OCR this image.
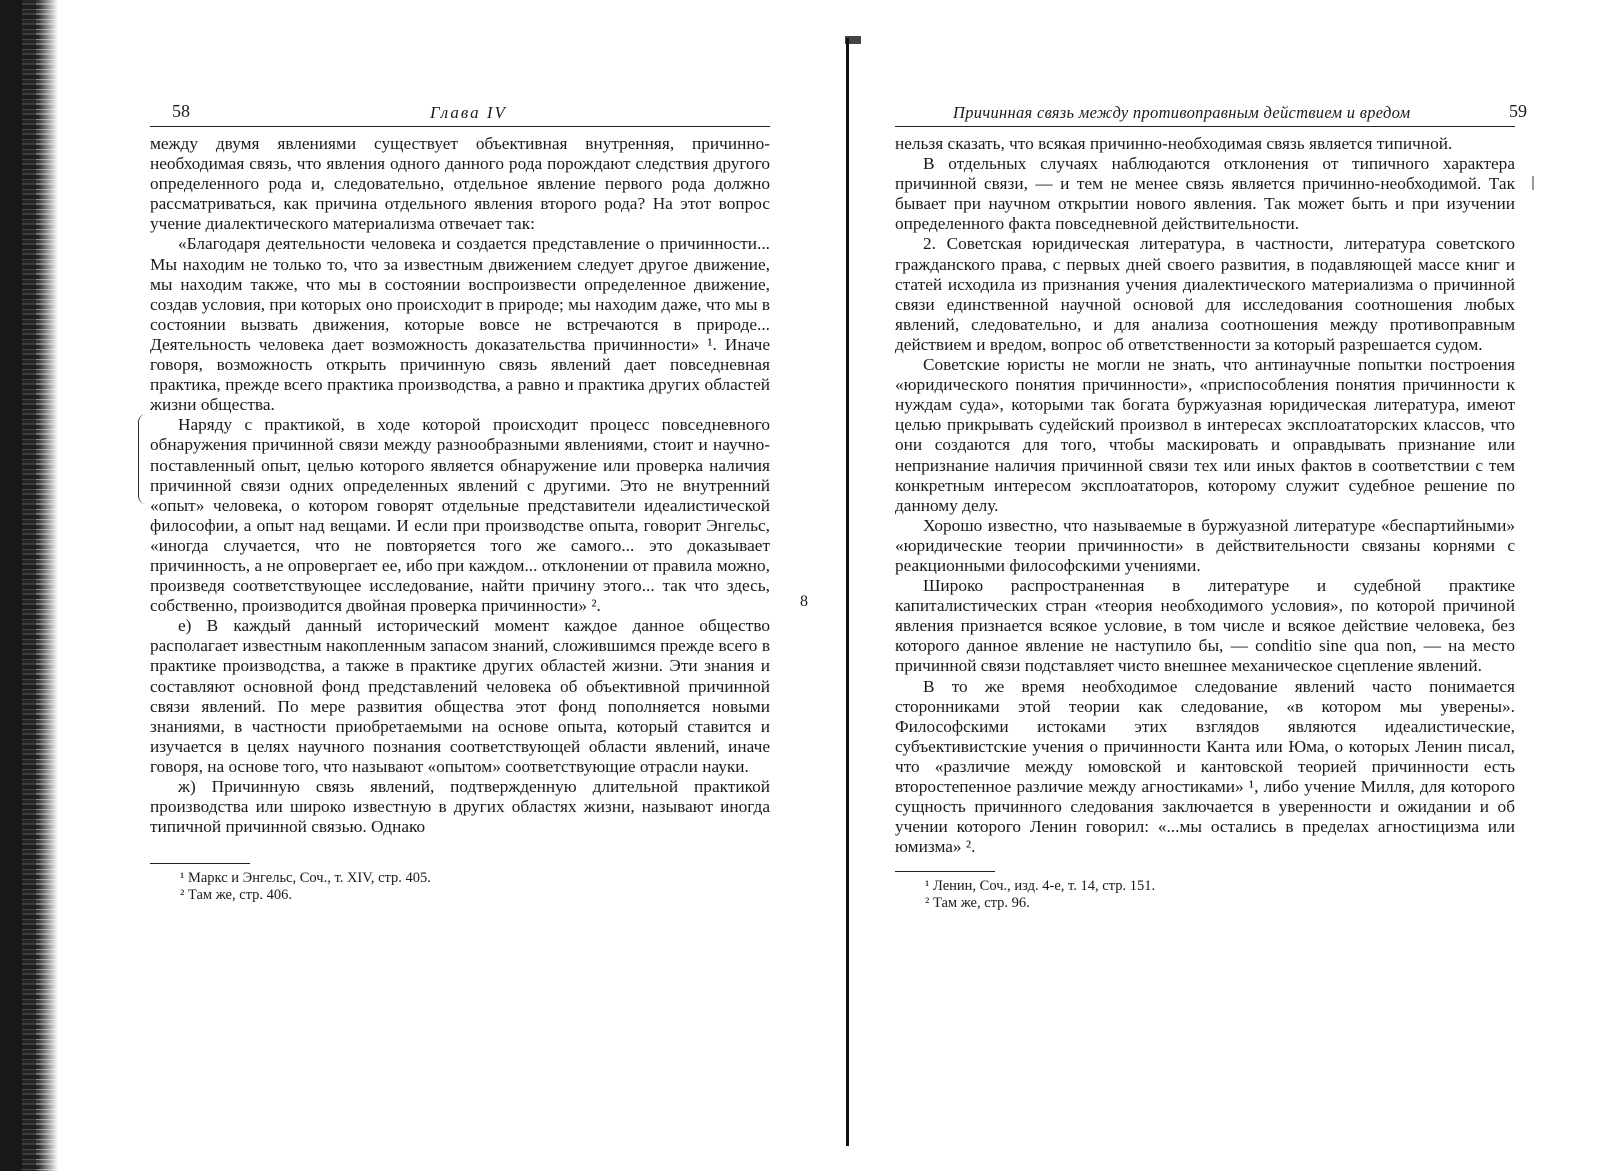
8
58	Глава IV

между двумя явлениями существует объективная внутренняя, причинно-необходимая связь, что явления одного данного рода порождают следствия другого определенного рода и, следовательно, отдельное явление первого рода должно рассматриваться, как причина отдельного явления второго рода? На этот вопрос учение диалектического материализма отвечает так:

«Благодаря деятельности человека и создается представление о причинности... Мы находим не только то, что за известным движением следует другое движение, мы находим также, что мы в состоянии воспроизвести определенное движение, создав условия, при которых оно происходит в природе; мы находим даже, что мы в состоянии вызвать движения, которые вовсе не встречаются в природе... Деятельность человека дает возможность доказательства причинности» ¹. Иначе говоря, возможность открыть причинную связь явлений дает повседневная практика, прежде всего практика производства, а равно и практика других областей жизни общества.

Наряду с практикой, в ходе которой происходит процесс повседневного обнаружения причинной связи между разнообразными явлениями, стоит и научно-поставленный опыт, целью которого является обнаружение или проверка наличия причинной связи одних определенных явлений с другими. Это не внутренний «опыт» человека, о котором говорят отдельные представители идеалистической философии, а опыт над вещами. И если при производстве опыта, говорит Энгельс, «иногда случается, что не повторяется того же самого... это доказывает причинность, а не опровергает ее, ибо при каждом... отклонении от правила можно, произведя соответствующее исследование, найти причину этого... так что здесь, собственно, производится двойная проверка причинности» ².

е) В каждый данный исторический момент каждое данное общество располагает известным накопленным запасом знаний, сложившимся прежде всего в практике производства, а также в практике других областей жизни. Эти знания и составляют основной фонд представлений человека об объективной причинной связи явлений. По мере развития общества этот фонд пополняется новыми знаниями, в частности приобретаемыми на основе опыта, который ставится и изучается в целях научного познания соответствующей области явлений, иначе говоря, на основе того, что называют «опытом» соответствующие отрасли науки.

ж) Причинную связь явлений, подтвержденную длительной практикой производства или широко известную в других областях жизни, называют иногда типичной причинной связью. Однако

¹ Маркс и Энгельс, Соч., т. XIV, стр. 405.
² Там же, стр. 406.
Причинная связь между противоправным действием и вредом	59

нельзя сказать, что всякая причинно-необходимая связь является типичной.

В отдельных случаях наблюдаются отклонения от типичного характера причинной связи, — и тем не менее связь является причинно-необходимой. Так бывает при научном открытии нового явления. Так может быть и при изучении определенного факта повседневной действительности.

2. Советская юридическая литература, в частности, литература советского гражданского права, с первых дней своего развития, в подавляющей массе книг и статей исходила из признания учения диалектического материализма о причинной связи единственной научной основой для исследования соотношения любых явлений, следовательно, и для анализа соотношения между противоправным действием и вредом, вопрос об ответственности за который разрешается судом.

Советские юристы не могли не знать, что антинаучные попытки построения «юридического понятия причинности», «приспособления понятия причинности к нуждам суда», которыми так богата буржуазная юридическая литература, имеют целью прикрывать судейский произвол в интересах эксплоататорских классов, что они создаются для того, чтобы маскировать и оправдывать признание или непризнание наличия причинной связи тех или иных фактов в соответствии с тем конкретным интересом эксплоататоров, которому служит судебное решение по данному делу.

Хорошо известно, что называемые в буржуазной литературе «беспартийными» «юридические теории причинности» в действительности связаны корнями с реакционными философскими учениями.

Широко распространенная в литературе и судебной практике капиталистических стран «теория необходимого условия», по которой причиной явления признается всякое условие, в том числе и всякое действие человека, без которого данное явление не наступило бы, — conditio sine qua non, — на место причинной связи подставляет чисто внешнее механическое сцепление явлений.

В то же время необходимое следование явлений часто понимается сторонниками этой теории как следование, «в котором мы уверены». Философскими истоками этих взглядов являются идеалистические, субъективистские учения о причинности Канта или Юма, о которых Ленин писал, что «различие между юмовской и кантовской теорией причинности есть второстепенное различие между агностиками» ¹, либо учение Милля, для которого сущность причинного следования заключается в уверенности и ожидании и об учении которого Ленин говорил: «...мы остались в пределах агностицизма или юмизма» ².

¹ Ленин, Соч., изд. 4-е, т. 14, стр. 151.
² Там же, стр. 96.
